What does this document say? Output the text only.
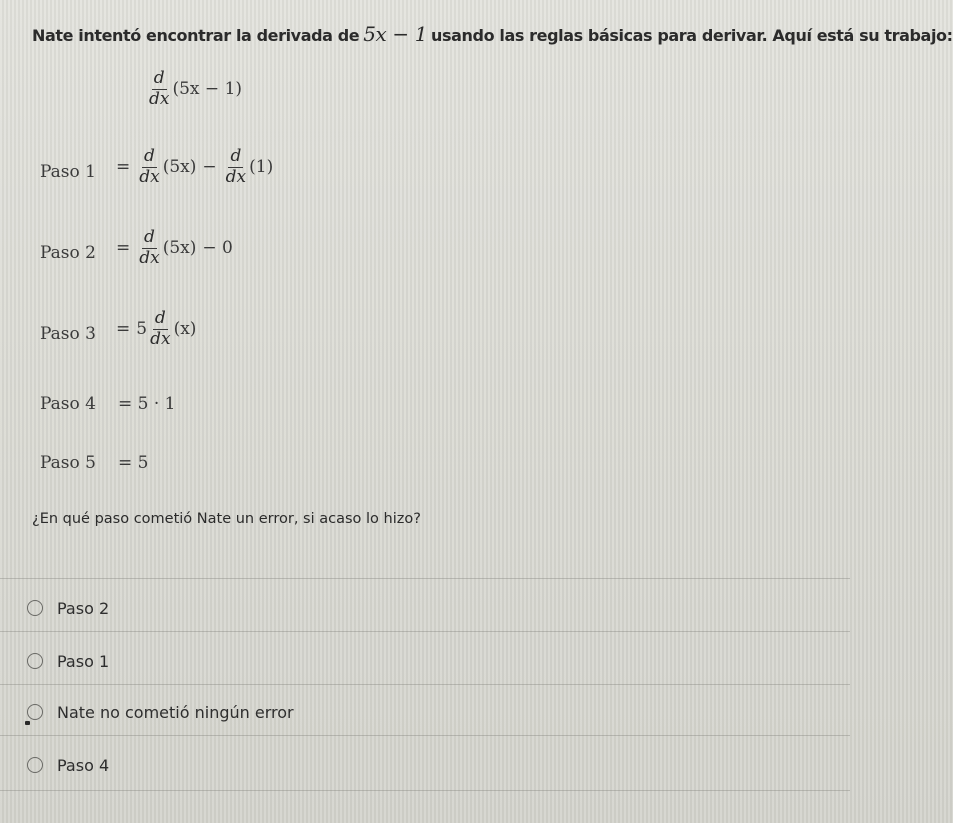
Nate intentó encontrar la derivada de 5x − 1 usando las reglas básicas para derivar. Aquí está su trabajo:
$\frac{d}{dx} (5x - 1)$
Paso $1 = \frac{d}{dx} (5x) - \frac{d}{dx} (1)$
Paso $2 = \frac{d}{dx} (5x) - 0$
Paso $3 = 5 \frac{d}{dx} (x)$
Paso 4 = 5 · 1
Paso 5 = 5
¿En qué paso cometió Nate un error, si acaso lo hizo?
Paso 2
Paso 1
Nate no cometió ningún error
Paso 4
